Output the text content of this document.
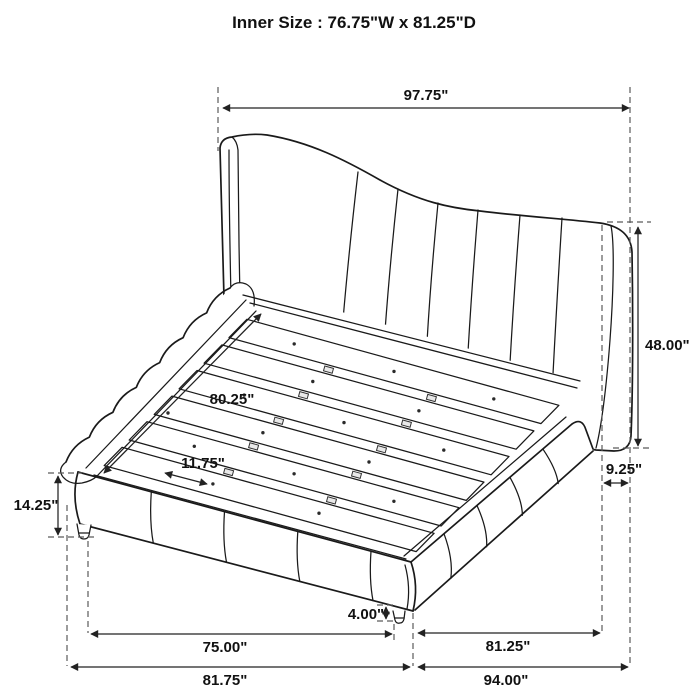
97.75"
48.00"
9.25"
80.25"
11.75"
14.25"
4.00"
75.00"	81.25"
81.75"	94.00"
Inner Size : 76.75"W x 81.25"D
